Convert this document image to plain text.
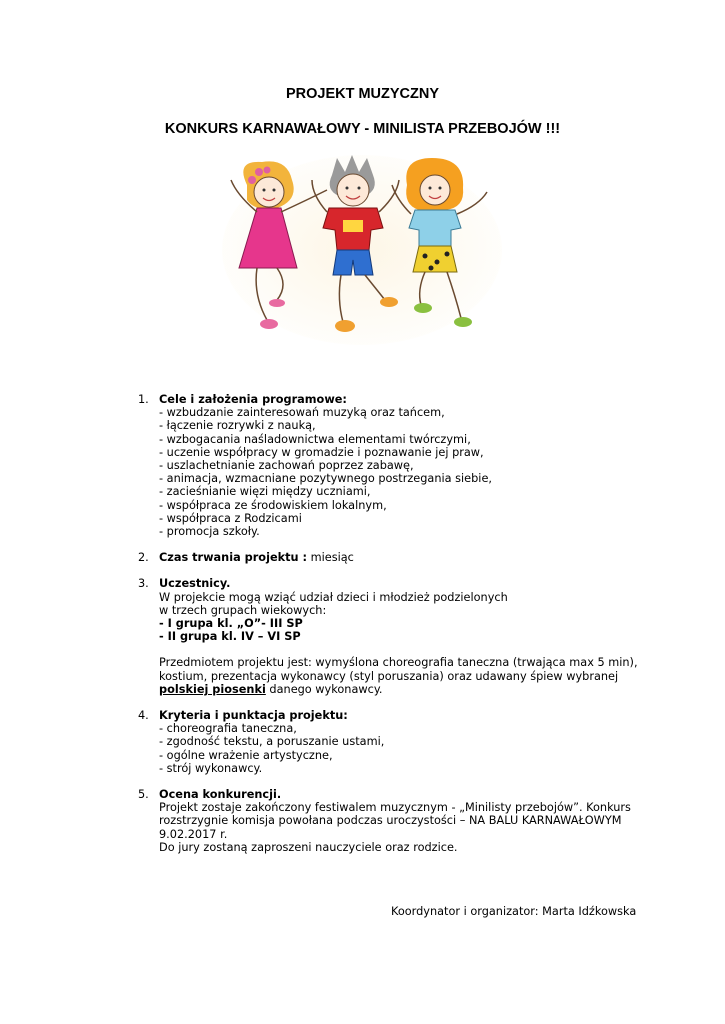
PROJEKT MUZYCZNY
KONKURS KARNAWAŁOWY - MINILISTA PRZEBOJÓW !!!
1. Cele i założenia programowe:
- wzbudzanie zainteresowań muzyką oraz tańcem,
- łączenie rozrywki z nauką,
- wzbogacania naśladownictwa elementami twórczymi,
- uczenie współpracy w gromadzie i poznawanie jej praw,
- uszlachetnianie zachowań poprzez zabawę,
- animacja, wzmacniane pozytywnego postrzegania siebie,
- zacieśnianie więzi między uczniami,
- współpraca ze środowiskiem lokalnym,
- współpraca z Rodzicami
- promocja szkoły.
2. Czas trwania projektu : miesiąc
3. Uczestnicy.
W projekcie mogą wziąć udział dzieci i młodzież podzielonych
w trzech grupach wiekowych:
- I grupa kl. „O”- III SP
- II grupa kl. IV – VI SP
Przedmiotem projektu jest: wymyślona choreografia taneczna (trwająca max 5 min),
kostium, prezentacja wykonawcy (styl poruszania) oraz udawany śpiew wybranej
polskiej piosenki danego wykonawcy.
4. Kryteria i punktacja projektu:
- choreografia taneczna,
- zgodność tekstu, a poruszanie ustami,
- ogólne wrażenie artystyczne,
- strój wykonawcy.
5. Ocena konkurencji.
Projekt zostaje zakończony festiwalem muzycznym - „Minilisty przebojów”. Konkurs
rozstrzygnie komisja powołana podczas uroczystości – NA BALU KARNAWAŁOWYM
9.02.2017 r.
Do jury zostaną zaproszeni nauczyciele oraz rodzice.
Koordynator i organizator: Marta Idźkowska
